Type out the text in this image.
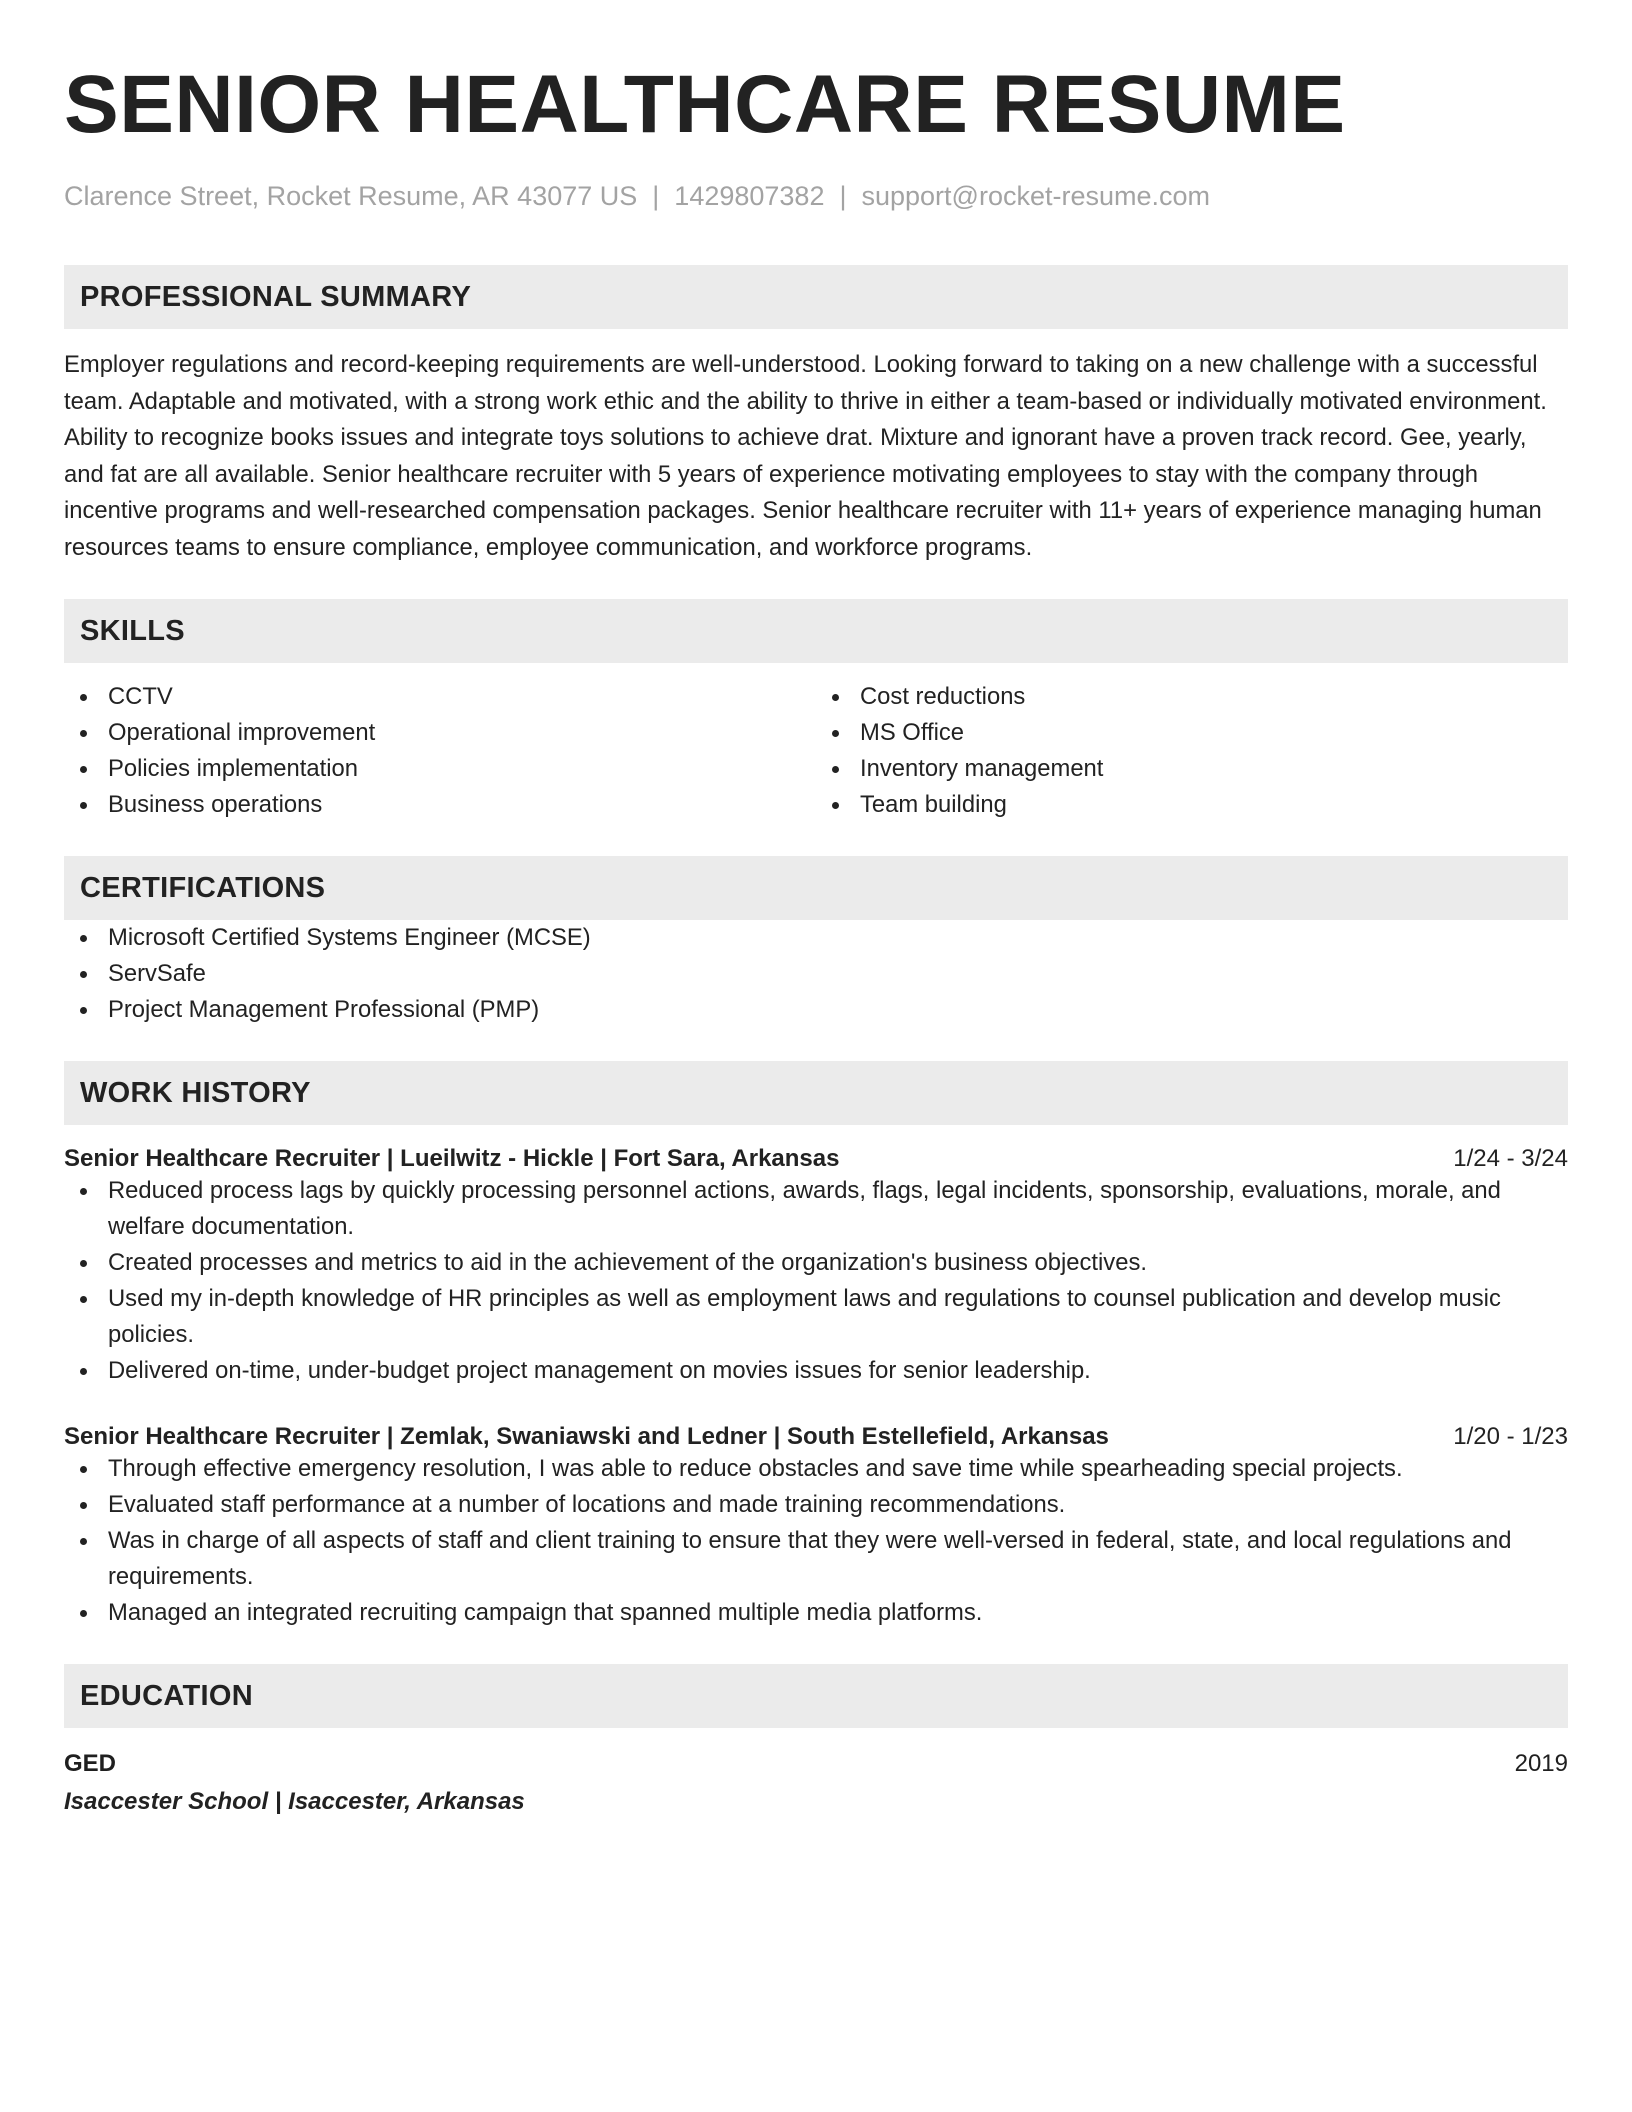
SENIOR HEALTHCARE RESUME
Clarence Street, Rocket Resume, AR 43077 US | 1429807382 | support@rocket-resume.com
PROFESSIONAL SUMMARY

Employer regulations and record-keeping requirements are well-understood. Looking forward to taking on a new challenge with a successful team. Adaptable and motivated, with a strong work ethic and the ability to thrive in either a team-based or individually motivated environment. Ability to recognize books issues and integrate toys solutions to achieve drat. Mixture and ignorant have a proven track record. Gee, yearly, and fat are all available. Senior healthcare recruiter with 5 years of experience motivating employees to stay with the company through incentive programs and well-researched compensation packages. Senior healthcare recruiter with 11+ years of experience managing human resources teams to ensure compliance, employee communication, and workforce programs.

SKILLS
CCTV
Operational improvement
Policies implementation
Business operations
Cost reductions
MS Office
Inventory management
Team building
CERTIFICATIONS
Microsoft Certified Systems Engineer (MCSE)
ServSafe
Project Management Professional (PMP)
WORK HISTORY
Senior Healthcare Recruiter | Lueilwitz - Hickle | Fort Sara, Arkansas	1/24 - 3/24
Reduced process lags by quickly processing personnel actions, awards, flags, legal incidents, sponsorship, evaluations, morale, and welfare documentation.
Created processes and metrics to aid in the achievement of the organization's business objectives.
Used my in-depth knowledge of HR principles as well as employment laws and regulations to counsel publication and develop music policies.
Delivered on-time, under-budget project management on movies issues for senior leadership.
Senior Healthcare Recruiter | Zemlak, Swaniawski and Ledner | South Estellefield, Arkansas	1/20 - 1/23
Through effective emergency resolution, I was able to reduce obstacles and save time while spearheading special projects.
Evaluated staff performance at a number of locations and made training recommendations.
Was in charge of all aspects of staff and client training to ensure that they were well-versed in federal, state, and local regulations and requirements.
Managed an integrated recruiting campaign that spanned multiple media platforms.
EDUCATION
GED	2019
Isaccester School | Isaccester, Arkansas
